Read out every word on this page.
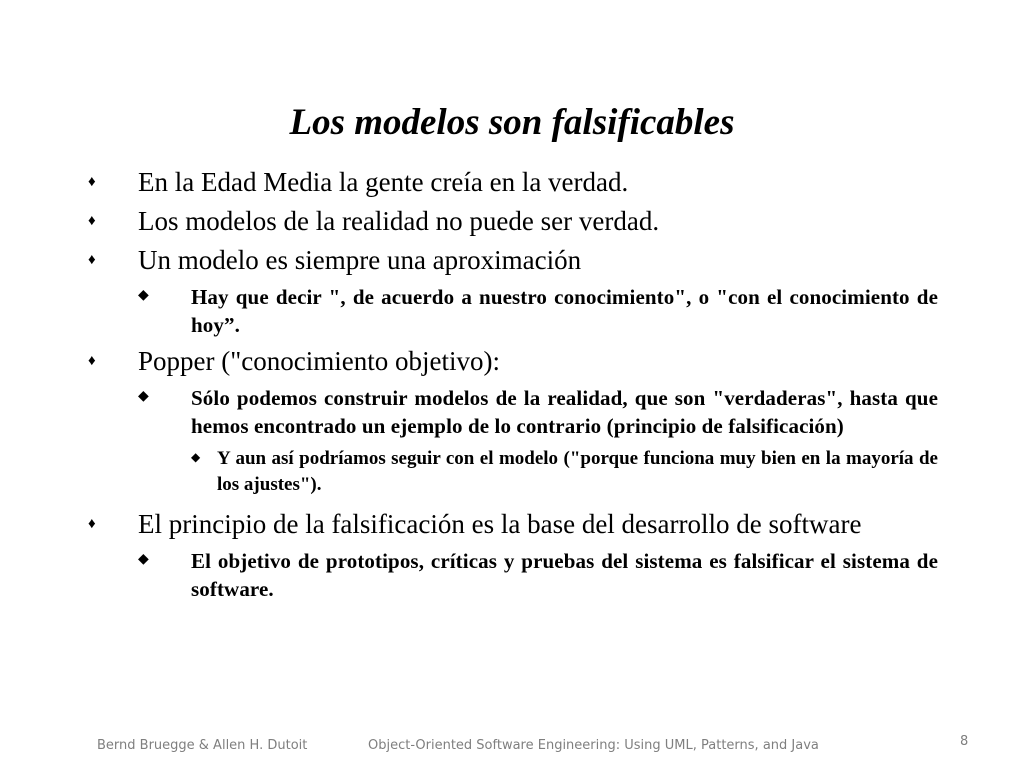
Los modelos son falsificables
♦ En la Edad Media la gente creía en la verdad.
♦ Los modelos de la realidad no puede ser verdad.
♦ Un modelo es siempre una aproximación
◆ Hay que decir ", de acuerdo a nuestro conocimiento", o "con el conocimiento de hoy”.
♦ Popper ("conocimiento objetivo):
◆ Sólo podemos construir modelos de la realidad, que son "verdaderas", hasta que hemos encontrado un ejemplo de lo contrario (principio de falsificación)
◆ Y aun así podríamos seguir con el modelo ("porque funciona muy bien en la mayoría de los ajustes").
♦ El principio de la falsificación es la base del desarrollo de software
◆ El objetivo de prototipos, críticas y pruebas del sistema es falsificar el sistema de software.
Bernd Bruegge & Allen H. Dutoit	Object-Oriented Software Engineering: Using UML, Patterns, and Java	8
